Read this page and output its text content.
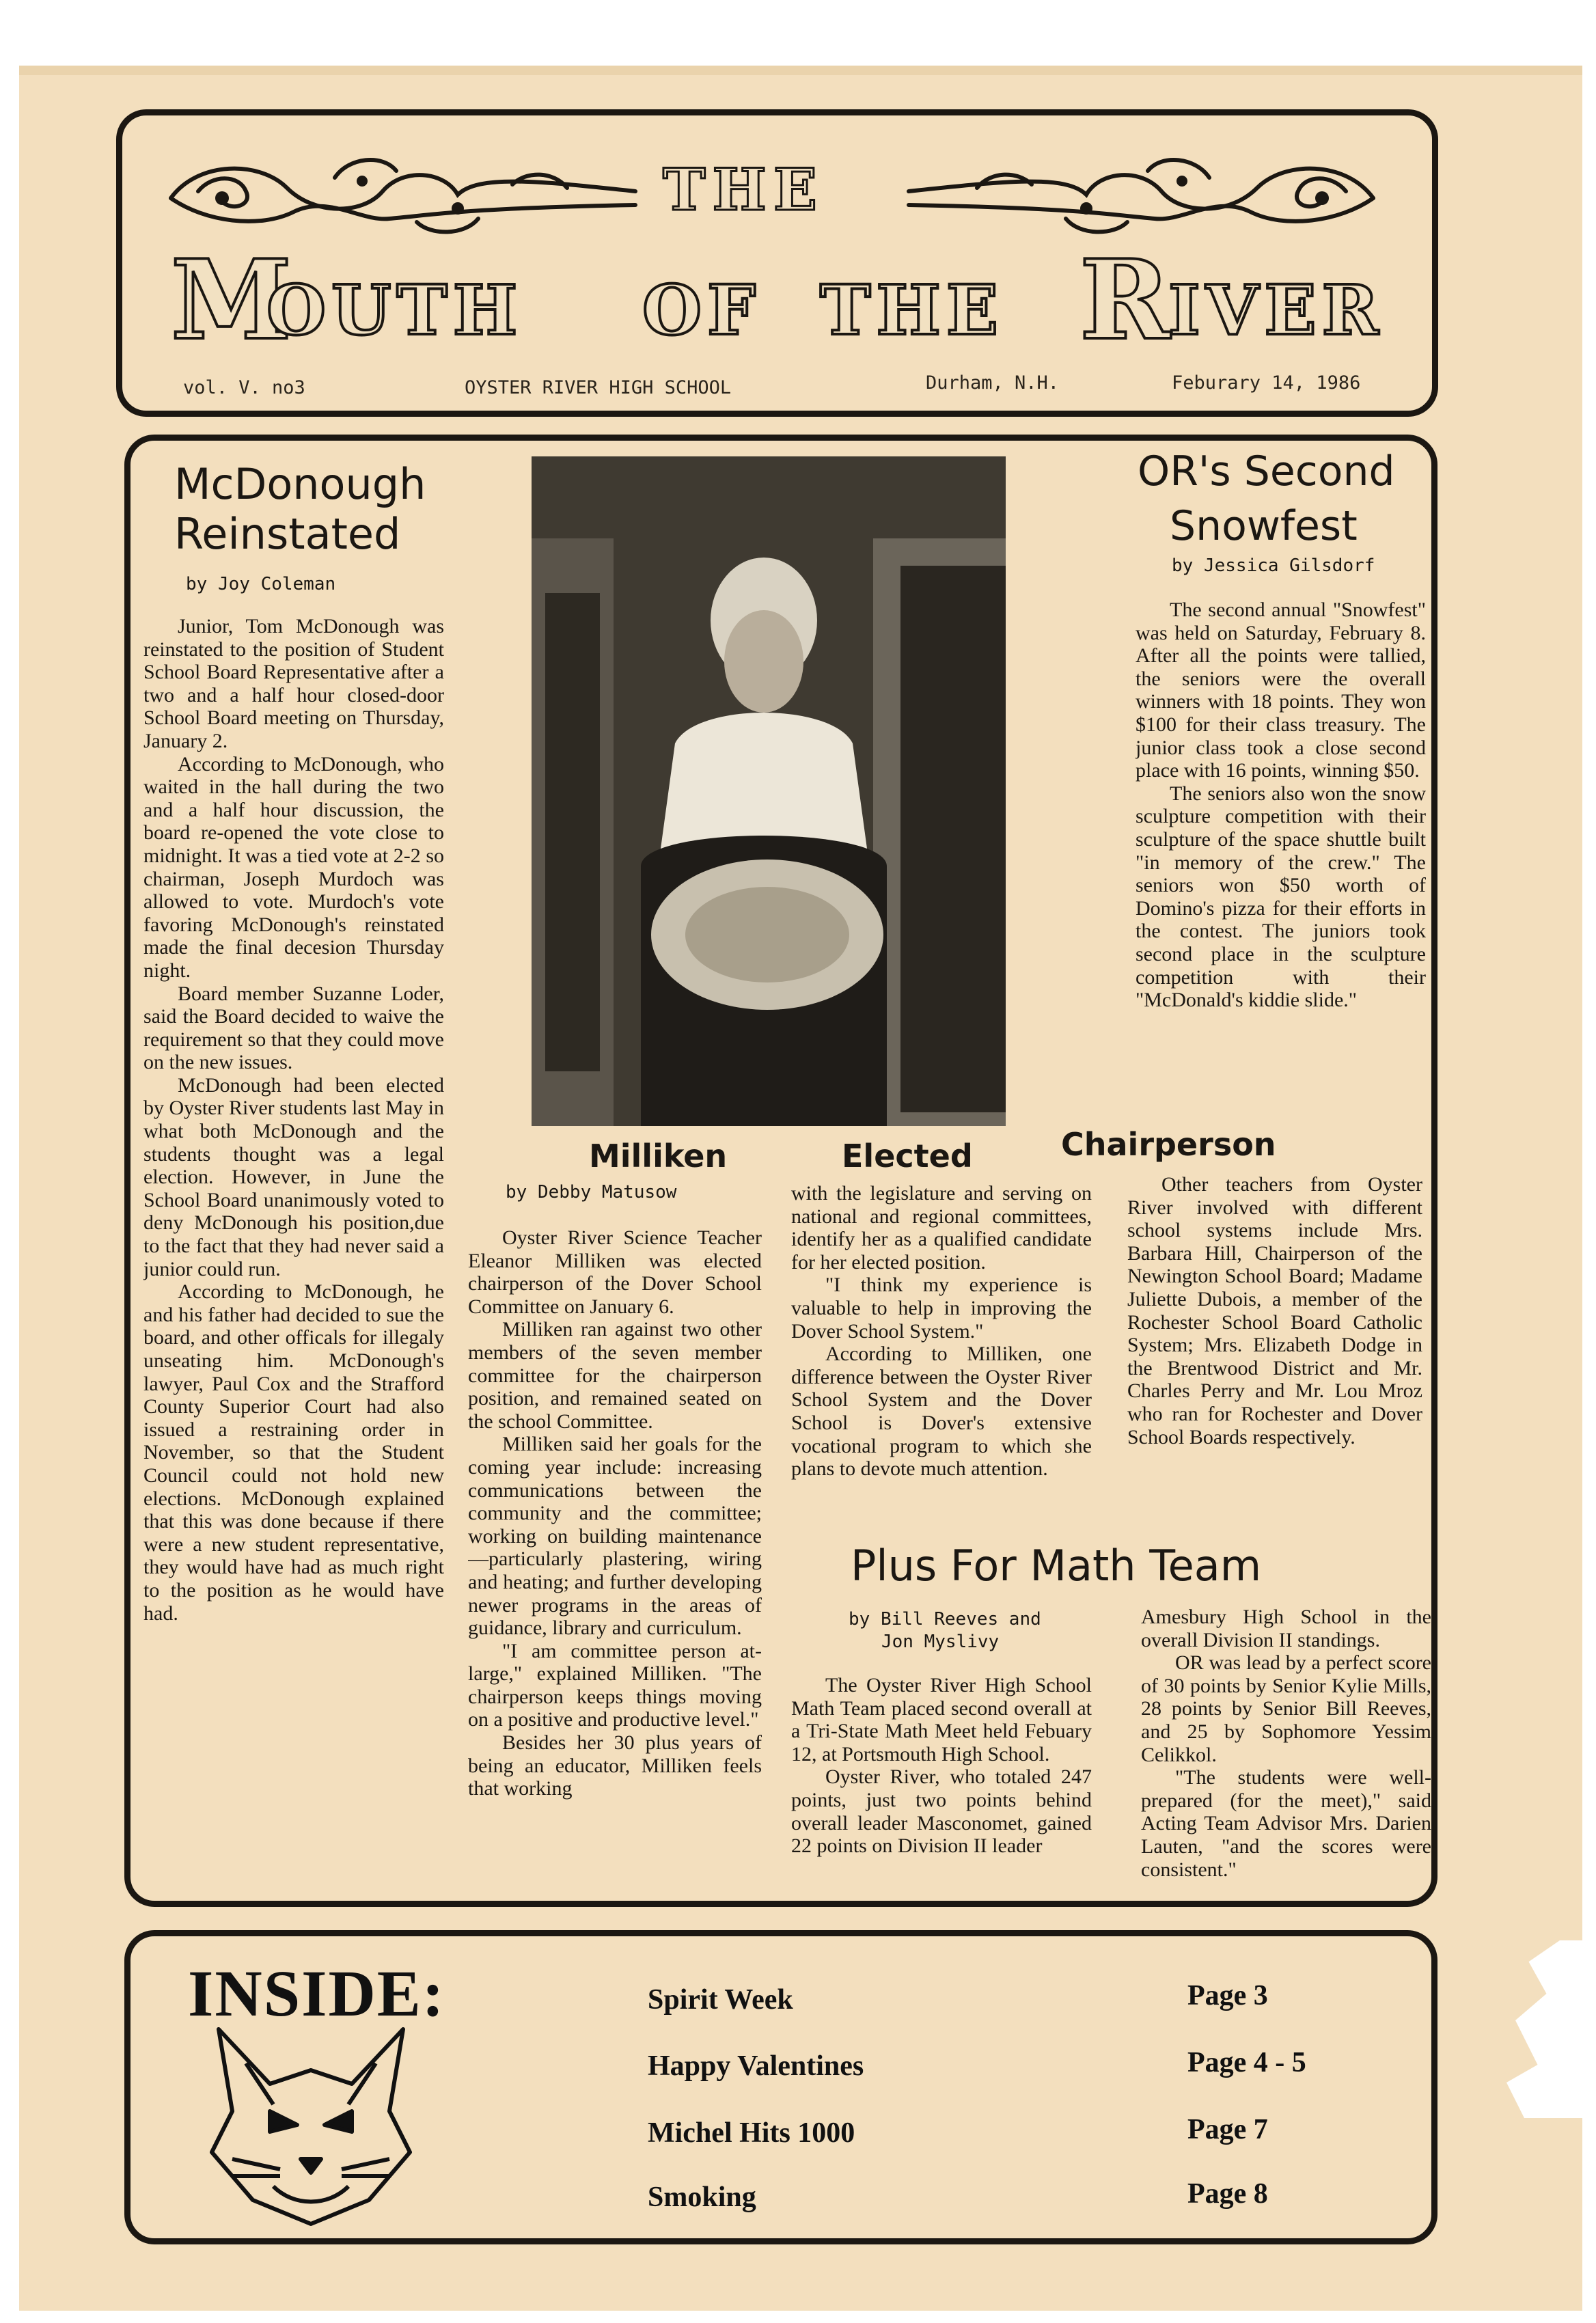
THE
M
OUTH OF THE R
IVER
vol. V. no3	OYSTER RIVER HIGH SCHOOL	Durham, N.H.	Feburary 14, 1986
McDonough
Reinstated
by Joy Coleman

Junior, Tom McDonough was reinstated to the position of Student School Board Representative after a two and a half hour closed-door School Board meeting on Thursday, January 2.

According to McDonough, who waited in the hall during the two and a half hour discussion, the board re-opened the vote close to midnight. It was a tied vote at 2-2 so chairman, Joseph Murdoch was allowed to vote. Murdoch's vote favoring McDonough's reinstated made the final decesion Thursday night.

Board member Suzanne Loder, said the Board decided to waive the requirement so that they could move on the new issues.

McDonough had been elected by Oyster River students last May in what both McDonough and the students thought was a legal election. However, in June the School Board unanimously voted to deny McDonough his position,due to the fact that they had never said a junior could run.

According to McDonough, he and his father had decided to sue the board, and other officals for illegaly unseating him. McDonough's lawyer, Paul Cox and the Strafford County Superior Court had also issued a restraining order in November, so that the Student Council could not hold new elections. McDonough explained that this was done because if there were a new student representative, they would have had as much right to the position as he would have had.

OR's Second
Snowfest
by Jessica Gilsdorf

The second annual "Snowfest" was held on Saturday, February 8. After all the points were tallied, the seniors were the overall winners with 18 points. They won $100 for their class treasury. The junior class took a close second place with 16 points, winning $50.

The seniors also won the snow sculpture competition with their sculpture of the space shuttle built "in memory of the crew." The seniors won $50 worth of Domino's pizza for their efforts in the contest. The juniors took second place in the sculpture competition with their "McDonald's kiddie slide."

Milliken	Elected	Chairperson
by Debby Matusow

Oyster River Science Teacher Eleanor Milliken was elected chairperson of the Dover School Committee on January 6.

Milliken ran against two other members of the seven member committee for the chairperson position, and remained seated on the school Committee.

Milliken said her goals for the coming year include: increasing communications between the community and the committee; working on building maintenance—particularly plastering, wiring and heating; and further developing newer programs in the areas of guidance, library and curriculum.

"I am committee person at-large," explained Milliken. "The chairperson keeps things moving on a positive and productive level."

Besides her 30 plus years of being an educator, Milliken feels that working

with the legislature and serving on national and regional committees, identify her as a qualified candidate for her elected position.

"I think my experience is valuable to help in improving the Dover School System."

According to Milliken, one difference between the Oyster River School System and the Dover School is Dover's extensive vocational program to which she plans to devote much attention.

Other teachers from Oyster River involved with different school systems include Mrs. Barbara Hill, Chairperson of the Newington School Board; Madame Juliette Dubois, a member of the Rochester School Board Catholic System; Mrs. Elizabeth Dodge in the Brentwood District and Mr. Charles Perry and Mr. Lou Mroz who ran for Rochester and Dover School Boards respectively.

Plus For Math Team
by Bill Reeves and
Jon Myslivy

The Oyster River High School Math Team placed second overall at a Tri-State Math Meet held Febuary 12, at Portsmouth High School.

Oyster River, who totaled 247 points, just two points behind overall leader Masconomet, gained 22 points on Division II leader

Amesbury High School in the overall Division II standings.

OR was lead by a perfect score of 30 points by Senior Kylie Mills, 28 points by Senior Bill Reeves, and 25 by Sophomore Yessim Celikkol.

"The students were well-prepared (for the meet)," said Acting Team Advisor Mrs. Darien Lauten, "and the scores were consistent."

INSIDE:	Spirit Week	Page 3
Happy Valentines	Page 4 - 5
Michel Hits 1000	Page 7
Smoking	Page 8
